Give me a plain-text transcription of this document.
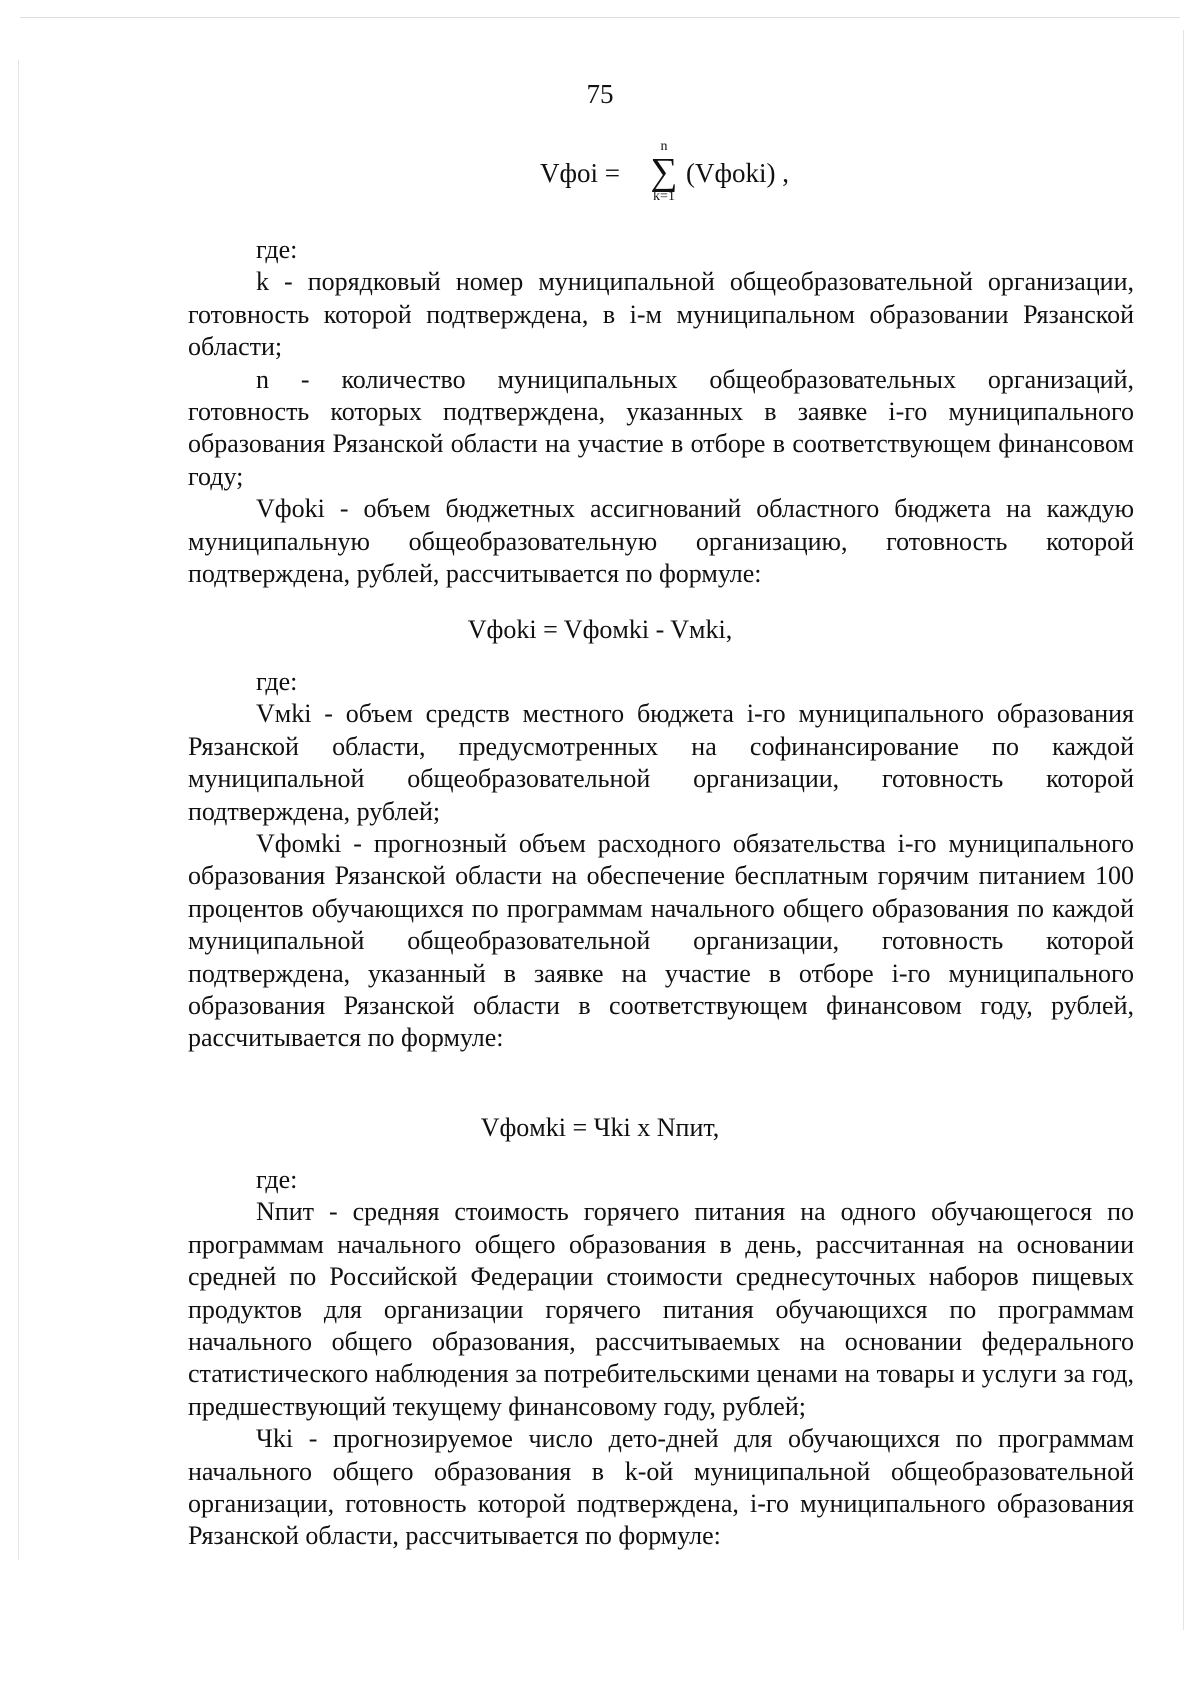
75
Vфoi =
n
∑
k=1
(Vфoki) ,

где:

k - порядковый номер муниципальной общеобразовательной организации, готовность которой подтверждена, в i-м муниципальном образовании Рязанской области;

n - количество муниципальных общеобразовательных организаций, готовность которых подтверждена, указанных в заявке i-го муниципального образования Рязанской области на участие в отборе в соответствующем финансовом году;

Vфoki - объем бюджетных ассигнований областного бюджета на каждую муниципальную общеобразовательную организацию, готовность которой подтверждена, рублей, рассчитывается по формуле:

Vфoki = Vфoмki - Vмki,

где:

Vмki - объем средств местного бюджета i-го муниципального образования Рязанской области, предусмотренных на софинансирование по каждой муниципальной общеобразовательной организации, готовность которой подтверждена, рублей;

Vфoмki - прогнозный объем расходного обязательства i-го муниципального образования Рязанской области на обеспечение бесплатным горячим питанием 100 процентов обучающихся по программам начального общего образования по каждой муниципальной общеобразовательной организации, готовность которой подтверждена, указанный в заявке на участие в отборе i-го муниципального образования Рязанской области в соответствующем финансовом году, рублей, рассчитывается по формуле:

Vфoмki = Чki x Nпит,

где:

Nпит - средняя стоимость горячего питания на одного обучающегося по программам начального общего образования в день, рассчитанная на основании средней по Российской Федерации стоимости среднесуточных наборов пищевых продуктов для организации горячего питания обучающихся по программам начального общего образования, рассчитываемых на основании федерального статистического наблюдения за потребительскими ценами на товары и услуги за год, предшествующий текущему финансовому году, рублей;

Чki - прогнозируемое число дето-дней для обучающихся по программам начального общего образования в k-ой муниципальной общеобразовательной организации, готовность которой подтверждена, i-го муниципального образования Рязанской области, рассчитывается по формуле:
